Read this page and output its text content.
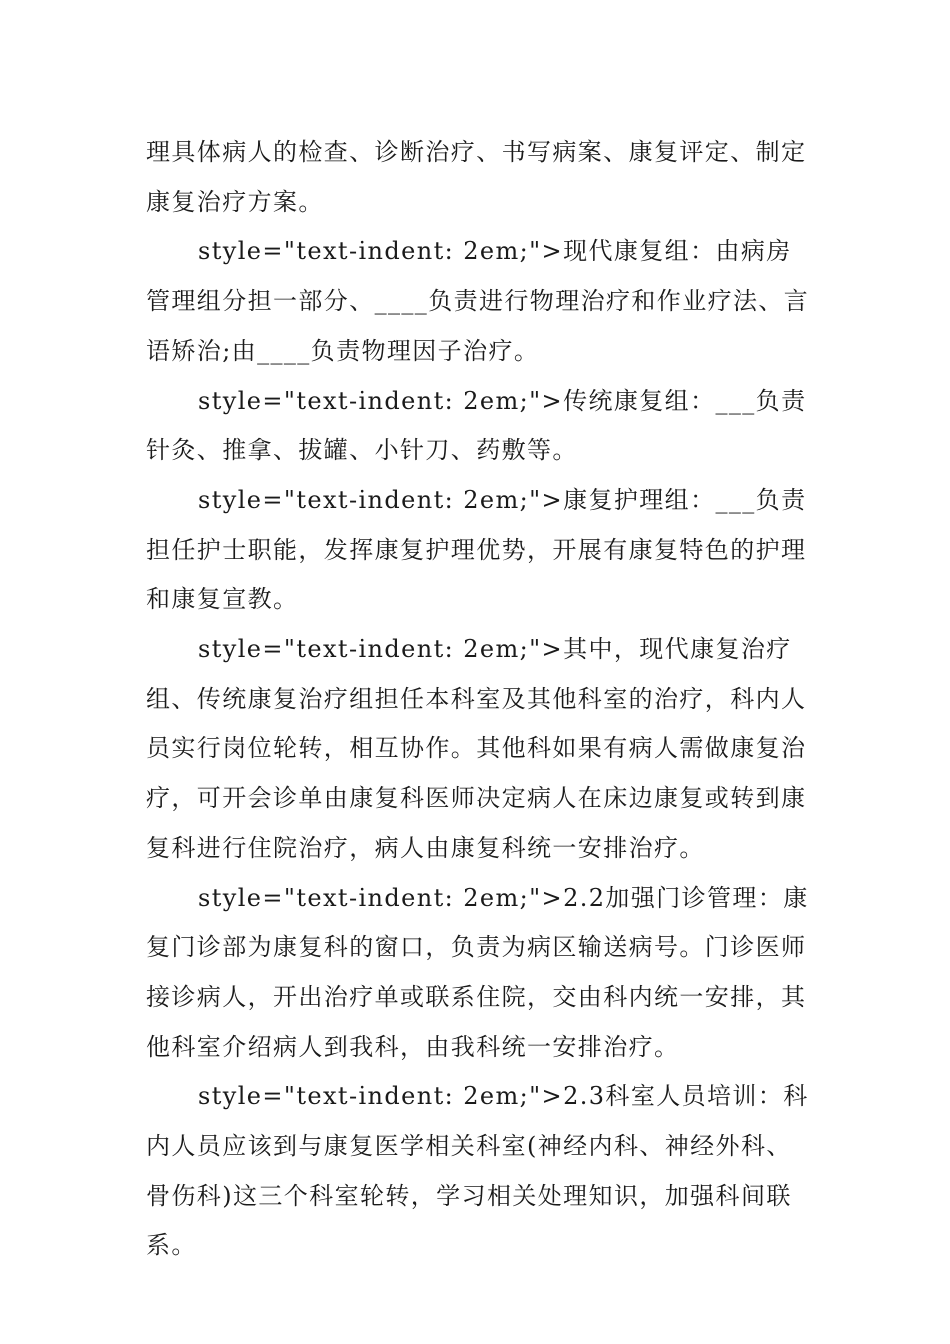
理具体病人的检查、诊断治疗、书写病案、康复评定、制定康复治疗方案。

style="text-indent: 2em;">现代康复组：由病房管理组分担一部分、____负责进行物理治疗和作业疗法、言语矫治;由____负责物理因子治疗。

style="text-indent: 2em;">传统康复组：___负责针灸、推拿、拔罐、小针刀、药敷等。

style="text-indent: 2em;">康复护理组：___负责担任护士职能，发挥康复护理优势，开展有康复特色的护理和康复宣教。

style="text-indent: 2em;">其中，现代康复治疗组、传统康复治疗组担任本科室及其他科室的治疗，科内人员实行岗位轮转，相互协作。其他科如果有病人需做康复治疗，可开会诊单由康复科医师决定病人在床边康复或转到康复科进行住院治疗，病人由康复科统一安排治疗。

style="text-indent: 2em;">2.2加强门诊管理：康复门诊部为康复科的窗口，负责为病区输送病号。门诊医师接诊病人，开出治疗单或联系住院，交由科内统一安排，其他科室介绍病人到我科，由我科统一安排治疗。

style="text-indent: 2em;">2.3科室人员培训：科内人员应该到与康复医学相关科室(神经内科、神经外科、骨伤科)这三个科室轮转，学习相关处理知识，加强科间联系。
